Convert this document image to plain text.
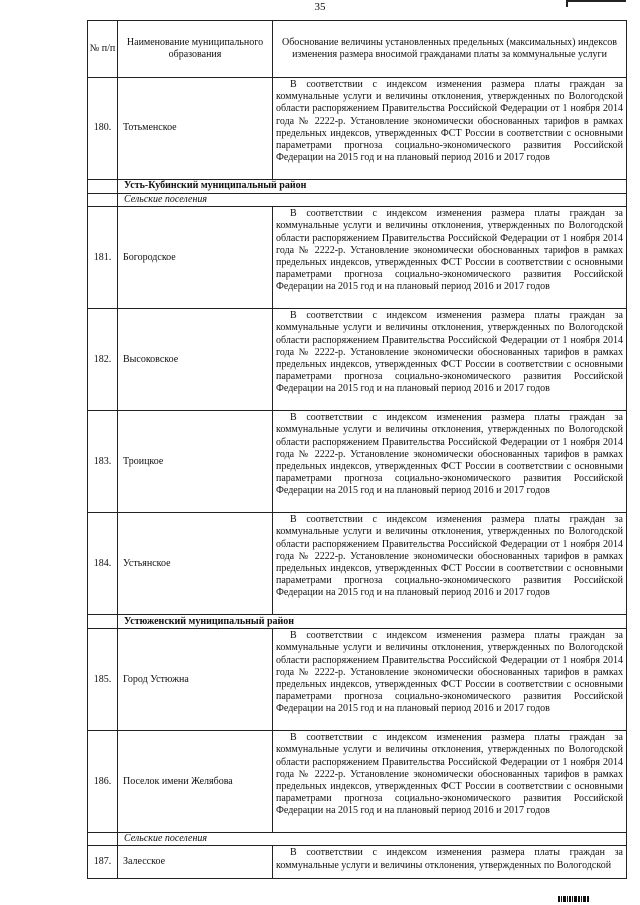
35
№ п/п	Наименование муниципального образования	Обоснование величины установленных предельных (максимальных) индексов изменения размера вносимой гражданами платы за коммунальные услуги
180.	Тотьменское	В соответствии с индексом изменения размера платы граждан за коммунальные услуги и величины отклонения, утвержденных по Вологодской области распоряжением Правительства Российской Федерации от 1 ноября 2014 года № 2222-р. Установление экономически обоснованных тарифов в рамках предельных индексов, утвержденных ФСТ России в соответствии с основными параметрами прогноза социально-экономического развития Российской Федерации на 2015 год и на плановый период 2016 и 2017 годов
	Усть-Кубинский муниципальный район	
	Сельские поселения	
181.	Богородское	В соответствии с индексом изменения размера платы граждан за коммунальные услуги и величины отклонения, утвержденных по Вологодской области распоряжением Правительства Российской Федерации от 1 ноября 2014 года № 2222-р. Установление экономически обоснованных тарифов в рамках предельных индексов, утвержденных ФСТ России в соответствии с основными параметрами прогноза социально-экономического развития Российской Федерации на 2015 год и на плановый период 2016 и 2017 годов
182.	Высоковское	В соответствии с индексом изменения размера платы граждан за коммунальные услуги и величины отклонения, утвержденных по Вологодской области распоряжением Правительства Российской Федерации от 1 ноября 2014 года № 2222-р. Установление экономически обоснованных тарифов в рамках предельных индексов, утвержденных ФСТ России в соответствии с основными параметрами прогноза социально-экономического развития Российской Федерации на 2015 год и на плановый период 2016 и 2017 годов
183.	Троицкое	В соответствии с индексом изменения размера платы граждан за коммунальные услуги и величины отклонения, утвержденных по Вологодской области распоряжением Правительства Российской Федерации от 1 ноября 2014 года № 2222-р. Установление экономически обоснованных тарифов в рамках предельных индексов, утвержденных ФСТ России в соответствии с основными параметрами прогноза социально-экономического развития Российской Федерации на 2015 год и на плановый период 2016 и 2017 годов
184.	Устьянское	В соответствии с индексом изменения размера платы граждан за коммунальные услуги и величины отклонения, утвержденных по Вологодской области распоряжением Правительства Российской Федерации от 1 ноября 2014 года № 2222-р. Установление экономически обоснованных тарифов в рамках предельных индексов, утвержденных ФСТ России в соответствии с основными параметрами прогноза социально-экономического развития Российской Федерации на 2015 год и на плановый период 2016 и 2017 годов
	Устюженский муниципальный район	
185.	Город Устюжна	В соответствии с индексом изменения размера платы граждан за коммунальные услуги и величины отклонения, утвержденных по Вологодской области распоряжением Правительства Российской Федерации от 1 ноября 2014 года № 2222-р. Установление экономически обоснованных тарифов в рамках предельных индексов, утвержденных ФСТ России в соответствии с основными параметрами прогноза социально-экономического развития Российской Федерации на 2015 год и на плановый период 2016 и 2017 годов
186.	Поселок имени Желябова	В соответствии с индексом изменения размера платы граждан за коммунальные услуги и величины отклонения, утвержденных по Вологодской области распоряжением Правительства Российской Федерации от 1 ноября 2014 года № 2222-р. Установление экономически обоснованных тарифов в рамках предельных индексов, утвержденных ФСТ России в соответствии с основными параметрами прогноза социально-экономического развития Российской Федерации на 2015 год и на плановый период 2016 и 2017 годов
	Сельские поселения	
187.	Залесское	В соответствии с индексом изменения размера платы граждан за коммунальные услуги и величины отклонения, утвержденных по Вологодской
